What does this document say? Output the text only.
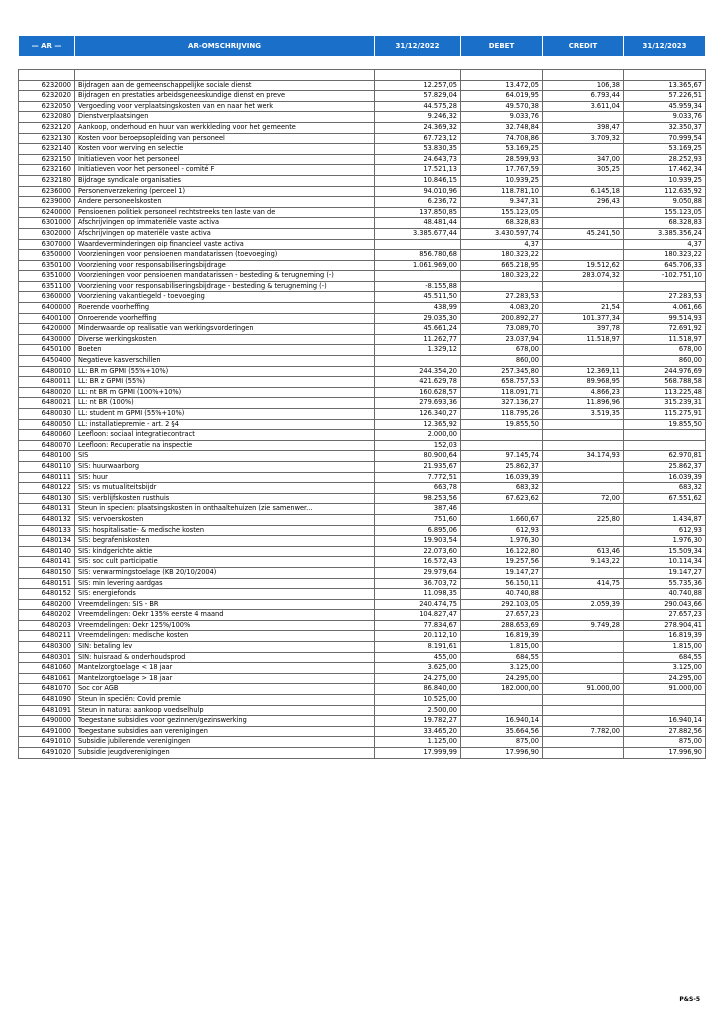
— AR —	AR-OMSCHRIJVING	31/12/2022	DEBET	CREDIT	31/12/2023

6232000	Bijdragen aan de gemeenschappelijke sociale dienst	12.257,05	13.472,05	106,38	13.365,67
6232020	Bijdragen en prestaties arbeidsgeneeskundige dienst en preve	57.829,04	64.019,95	6.793,44	57.226,51
6232050	Vergoeding voor verplaatsingskosten van en naar het werk	44.575,28	49.570,38	3.611,04	45.959,34
6232080	Dienstverplaatsingen	9.246,32	9.033,76		9.033,76
6232120	Aankoop, onderhoud en huur van werkkleding voor het gemeente	24.369,32	32.748,84	398,47	32.350,37
6232130	Kosten voor beroepsopleiding van personeel	67.723,12	74.708,86	3.709,32	70.999,54
6232140	Kosten voor werving en selectie	53.830,35	53.169,25		53.169,25
6232150	Initiatieven voor het personeel	24.643,73	28.599,93	347,00	28.252,93
6232160	Initiatieven voor het personeel - comité F	17.521,13	17.767,59	305,25	17.462,34
6232180	Bijdrage syndicale organisaties	10.846,15	10.939,25		10.939,25
6236000	Personenverzekering (perceel 1)	94.010,96	118.781,10	6.145,18	112.635,92
6239000	Andere personeelskosten	6.236,72	9.347,31	296,43	9.050,88
6240000	Pensioenen politiek personeel rechtstreeks ten laste van de	137.850,85	155.123,05		155.123,05
6301000	Afschrijvingen op immateriële vaste activa	48.481,44	68.328,83		68.328,83
6302000	Afschrijvingen op materiële vaste activa	3.385.677,44	3.430.597,74	45.241,50	3.385.356,24
6307000	Waardeverminderingen oip financieel vaste activa		4,37		4,37
6350000	Voorzieningen voor pensioenen mandatarissen (toevoeging)	856.780,68	180.323,22		180.323,22
6350100	Voorziening voor responsabiliseringsbijdrage	1.061.969,00	665.218,95	19.512,62	645.706,33
6351000	Voorzieningen voor pensioenen mandatarissen - besteding & terugneming (-)		180.323,22	283.074,32	-102.751,10
6351100	Voorziening voor responsabiliseringsbijdrage - besteding & terugneming (-)	-8.155,88			
6360000	Voorziening vakantiegeld - toevoeging	45.511,50	27.283,53		27.283,53
6400000	Roerende voorheffing	438,99	4.083,20	21,54	4.061,66
6400100	Onroerende voorheffing	29.035,30	200.892,27	101.377,34	99.514,93
6420000	Minderwaarde op realisatie van werkingsvorderingen	45.661,24	73.089,70	397,78	72.691,92
6430000	Diverse werkingskosten	11.262,77	23.037,94	11.518,97	11.518,97
6450100	Boeten	1.329,12	678,00		678,00
6450400	Negatieve kasverschillen		860,00		860,00
6480010	LL: BR m GPMI (55%+10%)	244.354,20	257.345,80	12.369,11	244.976,69
6480011	LL: BR z GPMI (55%)	421.629,78	658.757,53	89.968,95	568.788,58
6480020	LL: nt BR m GPMI (100%+10%)	160.628,57	118.091,71	4.866,23	113.225,48
6480021	LL: nt BR (100%)	279.693,36	327.136,27	11.896,96	315.239,31
6480030	LL: student m GPMI (55%+10%)	126.340,27	118.795,26	3.519,35	115.275,91
6480050	LL: installatiepremie - art. 2 §4	12.365,92	19.855,50		19.855,50
6480060	Leefloon: sociaal integratiecontract	2.000,00			
6480070	Leefloon: Recuperatie na inspectie	152,03			
6480100	SIS	80.900,64	97.145,74	34.174,93	62.970,81
6480110	SIS: huurwaarborg	21.935,67	25.862,37		25.862,37
6480111	SIS: huur	7.772,51	16.039,39		16.039,39
6480122	SIS: vs mutualiteitsbijdr	663,78	683,32		683,32
6480130	SIS: verblijfskosten rusthuis	98.253,56	67.623,62	72,00	67.551,62
6480131	Steun in specien: plaatsingskosten in onthaaltehuizen (zie samenwer...	387,46			
6480132	SIS: vervoerskosten	751,60	1.660,67	225,80	1.434,87
6480133	SIS: hospitalisatie- & medische kosten	6.895,06	612,93		612,93
6480134	SIS: begrafeniskosten	19.903,54	1.976,30		1.976,30
6480140	SIS: kindgerichte aktie	22.073,60	16.122,80	613,46	15.509,34
6480141	SIS: soc cult participatie	16.572,43	19.257,56	9.143,22	10.114,34
6480150	SIS: verwarmingstoelage (KB 20/10/2004)	29.979,64	19.147,27		19.147,27
6480151	SIS: min levering aardgas	36.703,72	56.150,11	414,75	55.735,36
6480152	SIS: energiefonds	11.098,35	40.740,88		40.740,88
6480200	Vreemdelingen: SIS - BR	240.474,75	292.103,05	2.059,39	290.043,66
6480202	Vreemdelingen: Oekr 135% eerste 4 maand	104.827,47	27.657,23		27.657,23
6480203	Vreemdelingen: Oekr 125%/100%	77.834,67	288.653,69	9.749,28	278.904,41
6480211	Vreemdelingen: medische kosten	20.112,10	16.819,39		16.819,39
6480300	SIN: betaling lev	8.191,61	1.815,00		1.815,00
6480301	SIN: huisraad & onderhoudsprod	455,00	684,55		684,55
6481060	Mantelzorgtoelage < 18 jaar	3.625,00	3.125,00		3.125,00
6481061	Mantelzorgtoelage > 18 jaar	24.275,00	24.295,00		24.295,00
6481070	Soc cor AGB	86.840,00	182.000,00	91.000,00	91.000,00
6481090	Steun in speciën: Covid premie	10.525,00			
6481091	Steun in natura: aankoop voedselhulp	2.500,00			
6490000	Toegestane subsidies voor gezinnen/gezinswerking	19.782,27	16.940,14		16.940,14
6491000	Toegestane subsidies aan verenigingen	33.465,20	35.664,56	7.782,00	27.882,56
6491010	Subsidie jubilerende verenigingen	1.125,00	875,00		875,00
6491020	Subsidie jeugdverenigingen	17.999,99	17.996,90		17.996,90
P&S-5
